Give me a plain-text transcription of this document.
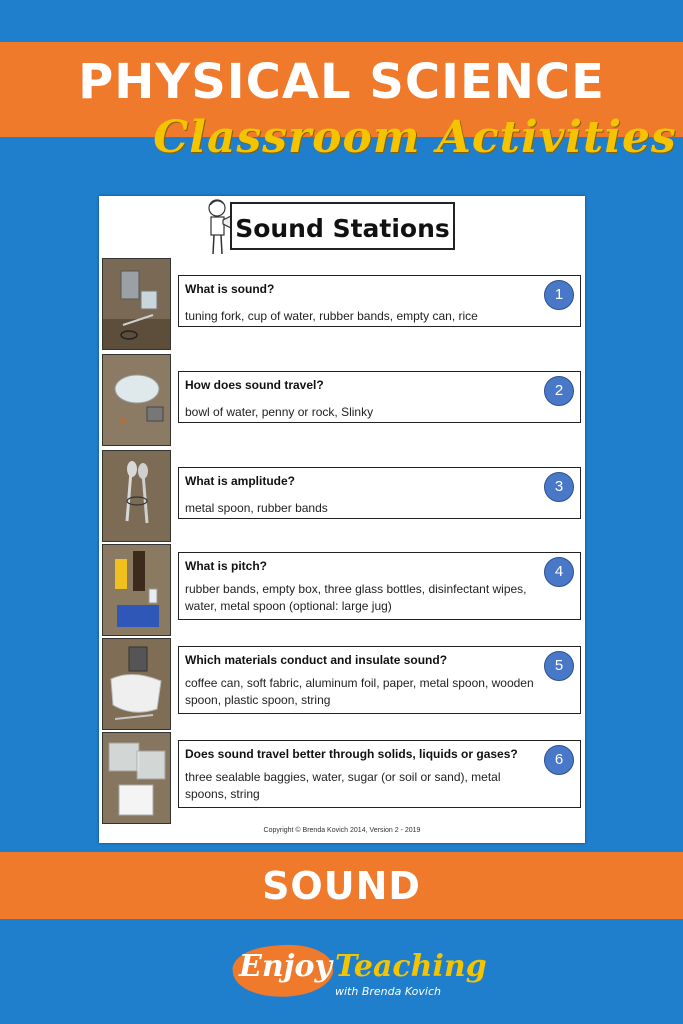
PHYSICAL SCIENCE
Classroom Activities
Sound Stations
What is sound?
tuning fork, cup of water, rubber bands, empty can, rice
1
How does sound travel?
bowl of water, penny or rock, Slinky
2
What is amplitude?
metal spoon, rubber bands
3
What is pitch?
rubber bands, empty box, three glass bottles, disinfectant wipes, water, metal spoon (optional: large jug)
4
Which materials conduct and insulate sound?
coffee can, soft fabric, aluminum foil, paper, metal spoon, wooden spoon, plastic spoon, string
5
Does sound travel better through solids, liquids or gases?
three sealable baggies, water, sugar (or soil or sand), metal spoons, string
6
Copyright © Brenda Kovich 2014, Version 2 - 2019
SOUND
Enjoy Teaching
with Brenda Kovich
